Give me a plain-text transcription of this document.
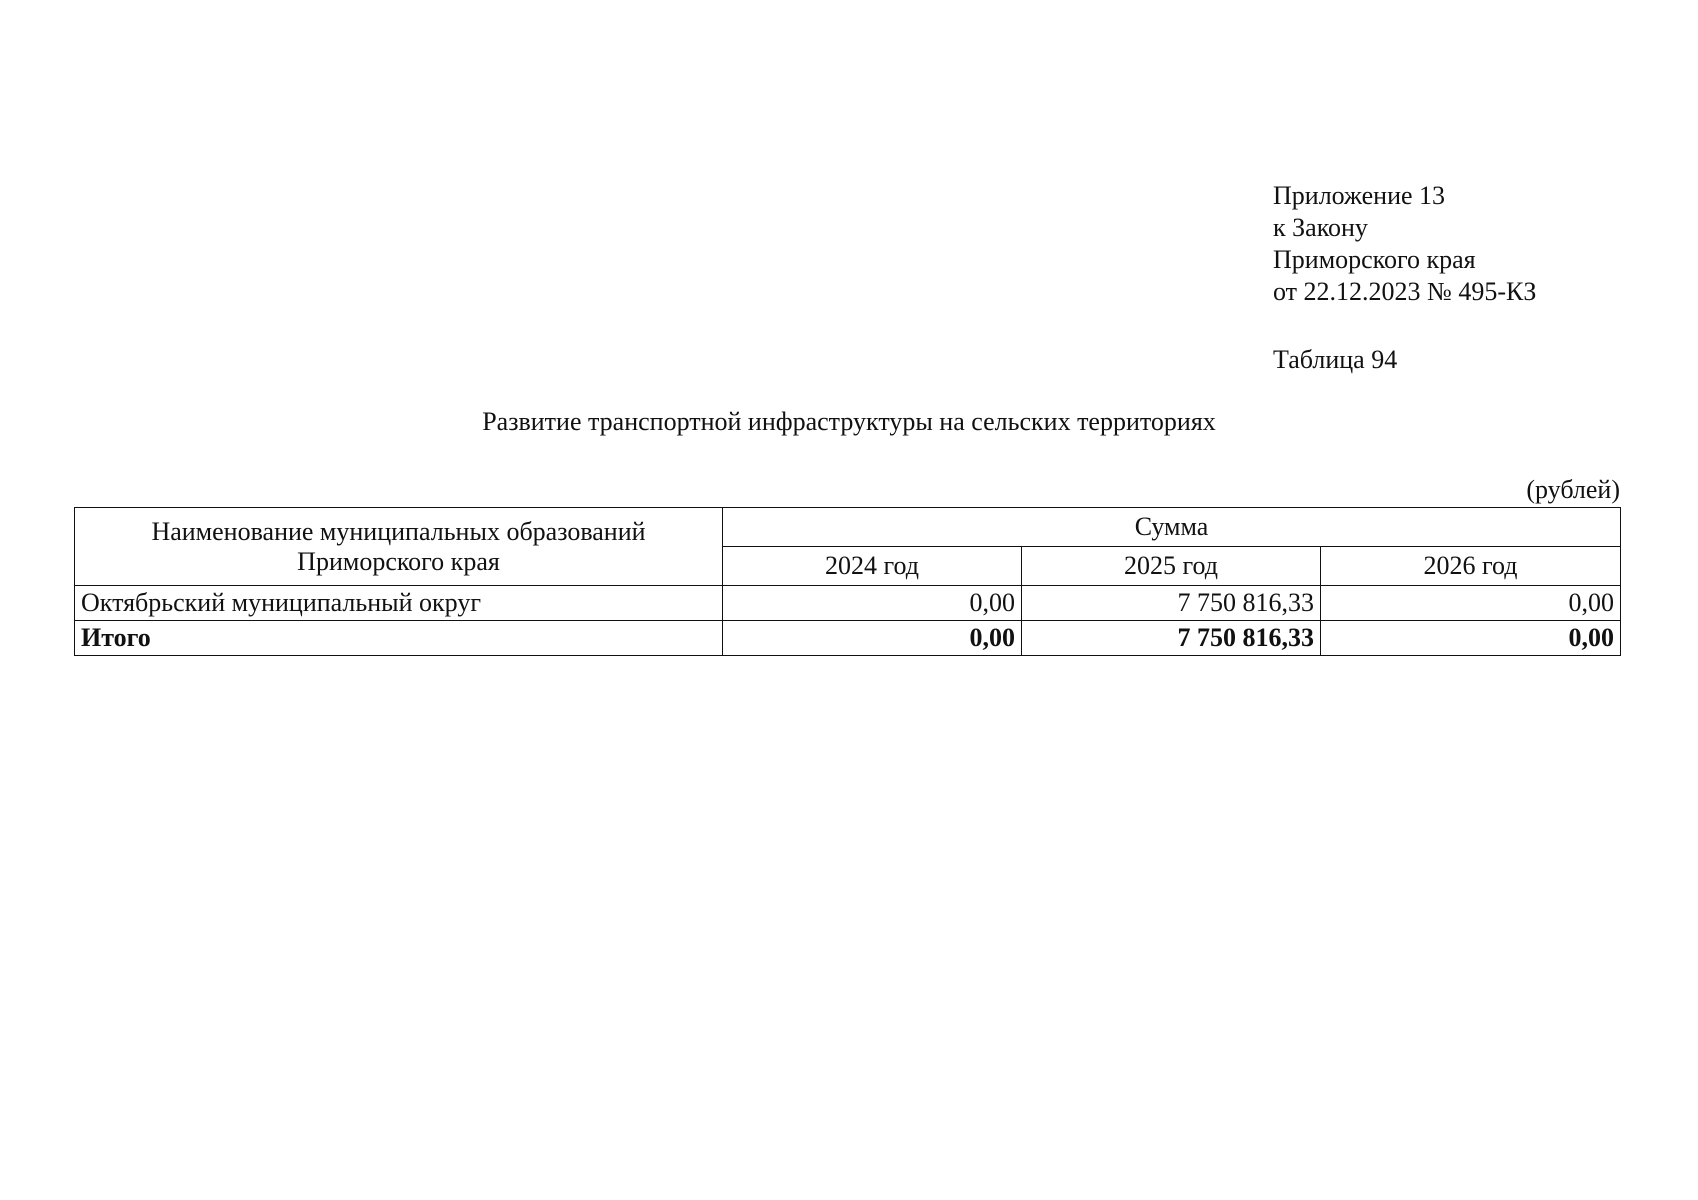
Приложение 13
к Закону
Приморского края
от 22.12.2023 № 495-КЗ
Таблица 94
Развитие транспортной инфраструктуры на сельских территориях
(рублей)
Наименование муниципальных образований
Приморского края	Сумма		
	2024 год	2025 год	2026 год
Октябрьский муниципальный округ	0,00	7 750 816,33	0,00
Итого	0,00	7 750 816,33	0,00
